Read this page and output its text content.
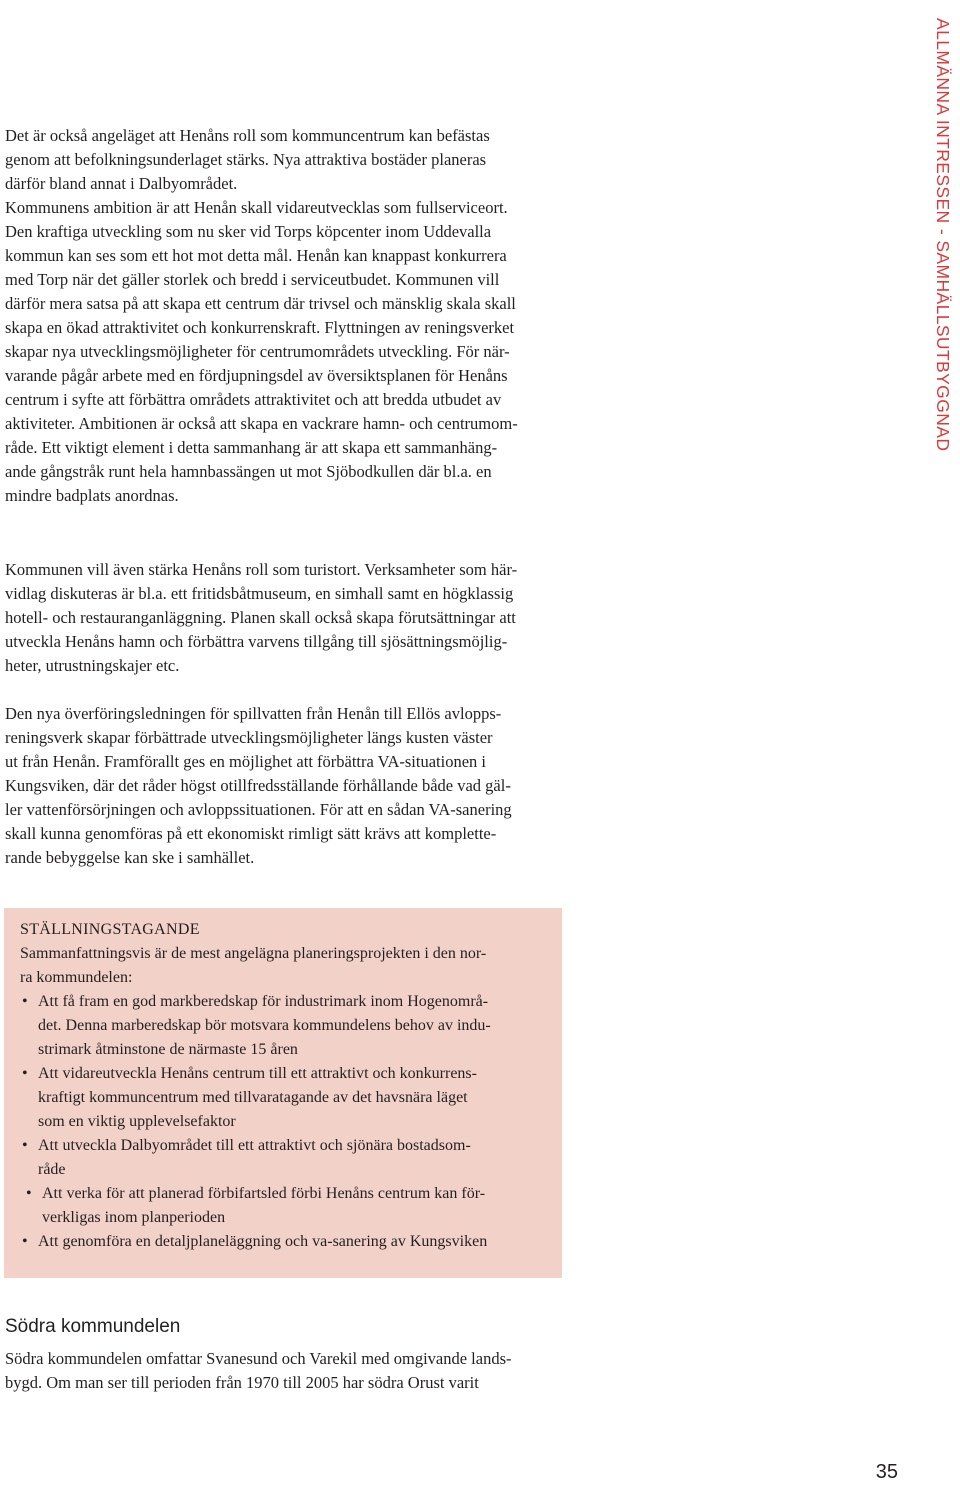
ALLMÄNNA INTRESSEN - SAMHÄLLSUTBYGGNAD

Det är också angeläget att Henåns roll som kommuncentrum kan befästas
genom att befolkningsunderlaget stärks. Nya attraktiva bostäder planeras
därför bland annat i Dalbyområdet.

Kommunens ambition är att Henån skall vidareutvecklas som fullserviceort.
Den kraftiga utveckling som nu sker vid Torps köpcenter inom Uddevalla
kommun kan ses som ett hot mot detta mål. Henån kan knappast konkurrera
med Torp när det gäller storlek och bredd i serviceutbudet. Kommunen vill
därför mera satsa på att skapa ett centrum där trivsel och mänsklig skala skall
skapa en ökad attraktivitet och konkurrenskraft. Flyttningen av reningsverket
skapar nya utvecklingsmöjligheter för centrumområdets utveckling. För när-
varande pågår arbete med en fördjupningsdel av översiktsplanen för Henåns
centrum i syfte att förbättra områdets attraktivitet och att bredda utbudet av
aktiviteter. Ambitionen är också att skapa en vackrare hamn- och centrumom-
råde. Ett viktigt element i detta sammanhang är att skapa ett sammanhäng-
ande gångstråk runt hela hamnbassängen ut mot Sjöbodkullen där bl.a. en
mindre badplats anordnas.

Kommunen vill även stärka Henåns roll som turistort. Verksamheter som här-
vidlag diskuteras är bl.a. ett fritidsbåtmuseum, en simhall samt en högklassig
hotell- och restauranganläggning. Planen skall också skapa förutsättningar att
utveckla Henåns hamn och förbättra varvens tillgång till sjösättningsmöjlig-
heter, utrustningskajer etc.

Den nya överföringsledningen för spillvatten från Henån till Ellös avlopps-
reningsverk skapar förbättrade utvecklingsmöjligheter längs kusten väster
ut från Henån. Framförallt ges en möjlighet att förbättra VA-situationen i
Kungsviken, där det råder högst otillfredsställande förhållande både vad gäl-
ler vattenförsörjningen och avloppssituationen. För att en sådan VA-sanering
skall kunna genomföras på ett ekonomiskt rimligt sätt krävs att komplette-
rande bebyggelse kan ske i samhället.

STÄLLNINGSTAGANDE
Sammanfattningsvis är de mest angelägna planeringsprojekten i den nor-
ra kommundelen:
• Att få fram en god markberedskap för industrimark inom Hogenområ-
det. Denna marberedskap bör motsvara kommundelens behov av indu-
strimark åtminstone de närmaste 15 åren
• Att vidareutveckla Henåns centrum till ett attraktivt och konkurrens-
kraftigt kommuncentrum med tillvaratagande av det havsnära läget
som en viktig upplevelsefaktor
• Att utveckla Dalbyområdet till ett attraktivt och sjönära bostadsom-
råde
• Att verka för att planerad förbifartsled förbi Henåns centrum kan för-
verkligas inom planperioden
• Att genomföra en detaljplaneläggning och va-sanering av Kungsviken
Södra kommundelen

Södra kommundelen omfattar Svanesund och Varekil med omgivande lands-
bygd. Om man ser till perioden från 1970 till 2005 har södra Orust varit

35
